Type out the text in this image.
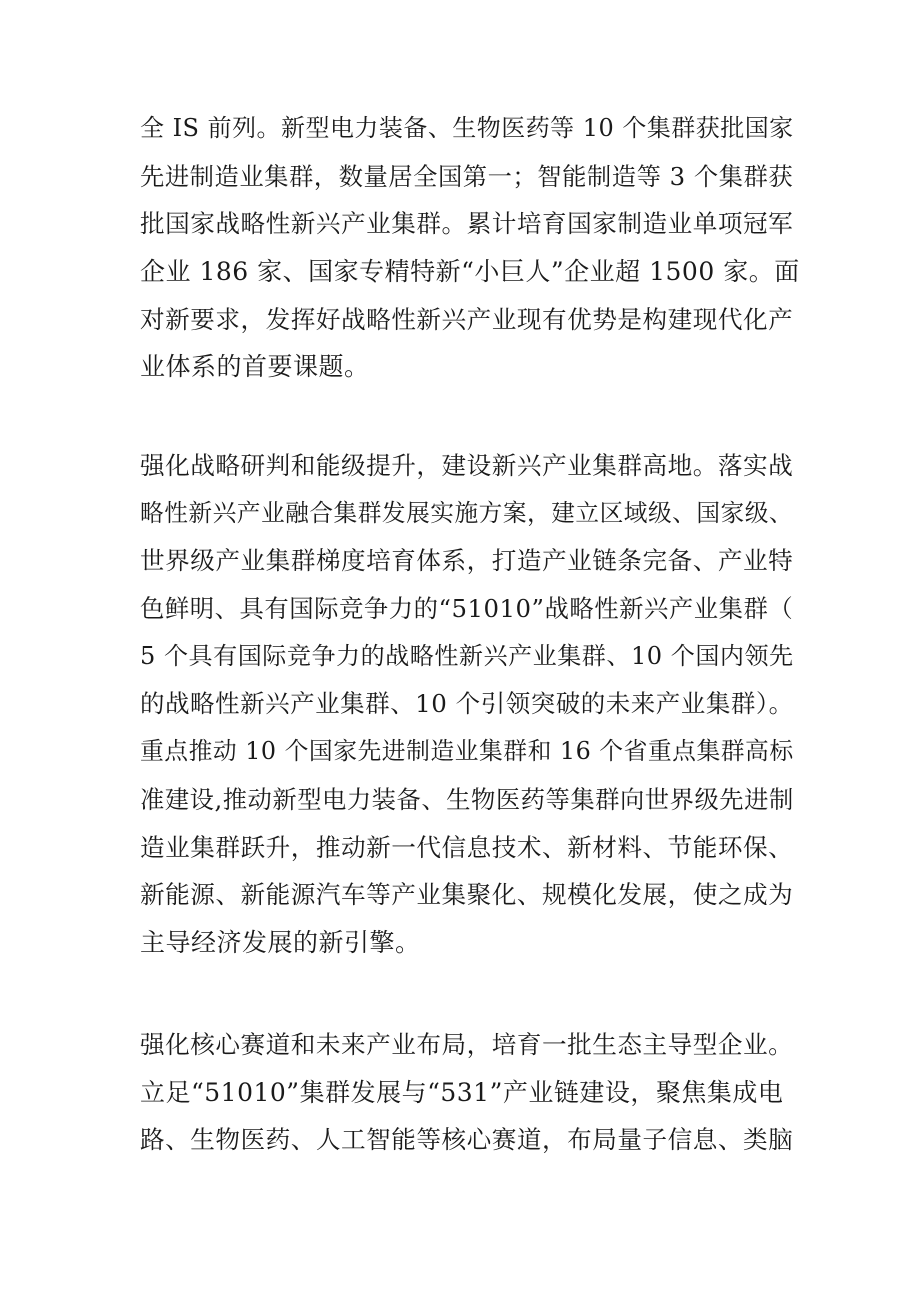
全 IS 前列。新型电力装备、生物医药等 10 个集群获批国家
先进制造业集群，数量居全国第一；智能制造等 3 个集群获
批国家战略性新兴产业集群。累计培育国家制造业单项冠军
企业 186 家、国家专精特新“小巨人”企业超 1500 家。面
对新要求，发挥好战略性新兴产业现有优势是构建现代化产
业体系的首要课题。
强化战略研判和能级提升，建设新兴产业集群高地。落实战
略性新兴产业融合集群发展实施方案，建立区域级、国家级、
世界级产业集群梯度培育体系，打造产业链条完备、产业特
色鲜明、具有国际竞争力的“51010”战略性新兴产业集群（
5 个具有国际竞争力的战略性新兴产业集群、10 个国内领先
的战略性新兴产业集群、10 个引领突破的未来产业集群）。
重点推动 10 个国家先进制造业集群和 16 个省重点集群高标
准建设,推动新型电力装备、生物医药等集群向世界级先进制
造业集群跃升，推动新一代信息技术、新材料、节能环保、
新能源、新能源汽车等产业集聚化、规模化发展，使之成为
主导经济发展的新引擎。
强化核心赛道和未来产业布局，培育一批生态主导型企业。
立足“51010”集群发展与“531”产业链建设，聚焦集成电
路、生物医药、人工智能等核心赛道，布局量子信息、类脑
